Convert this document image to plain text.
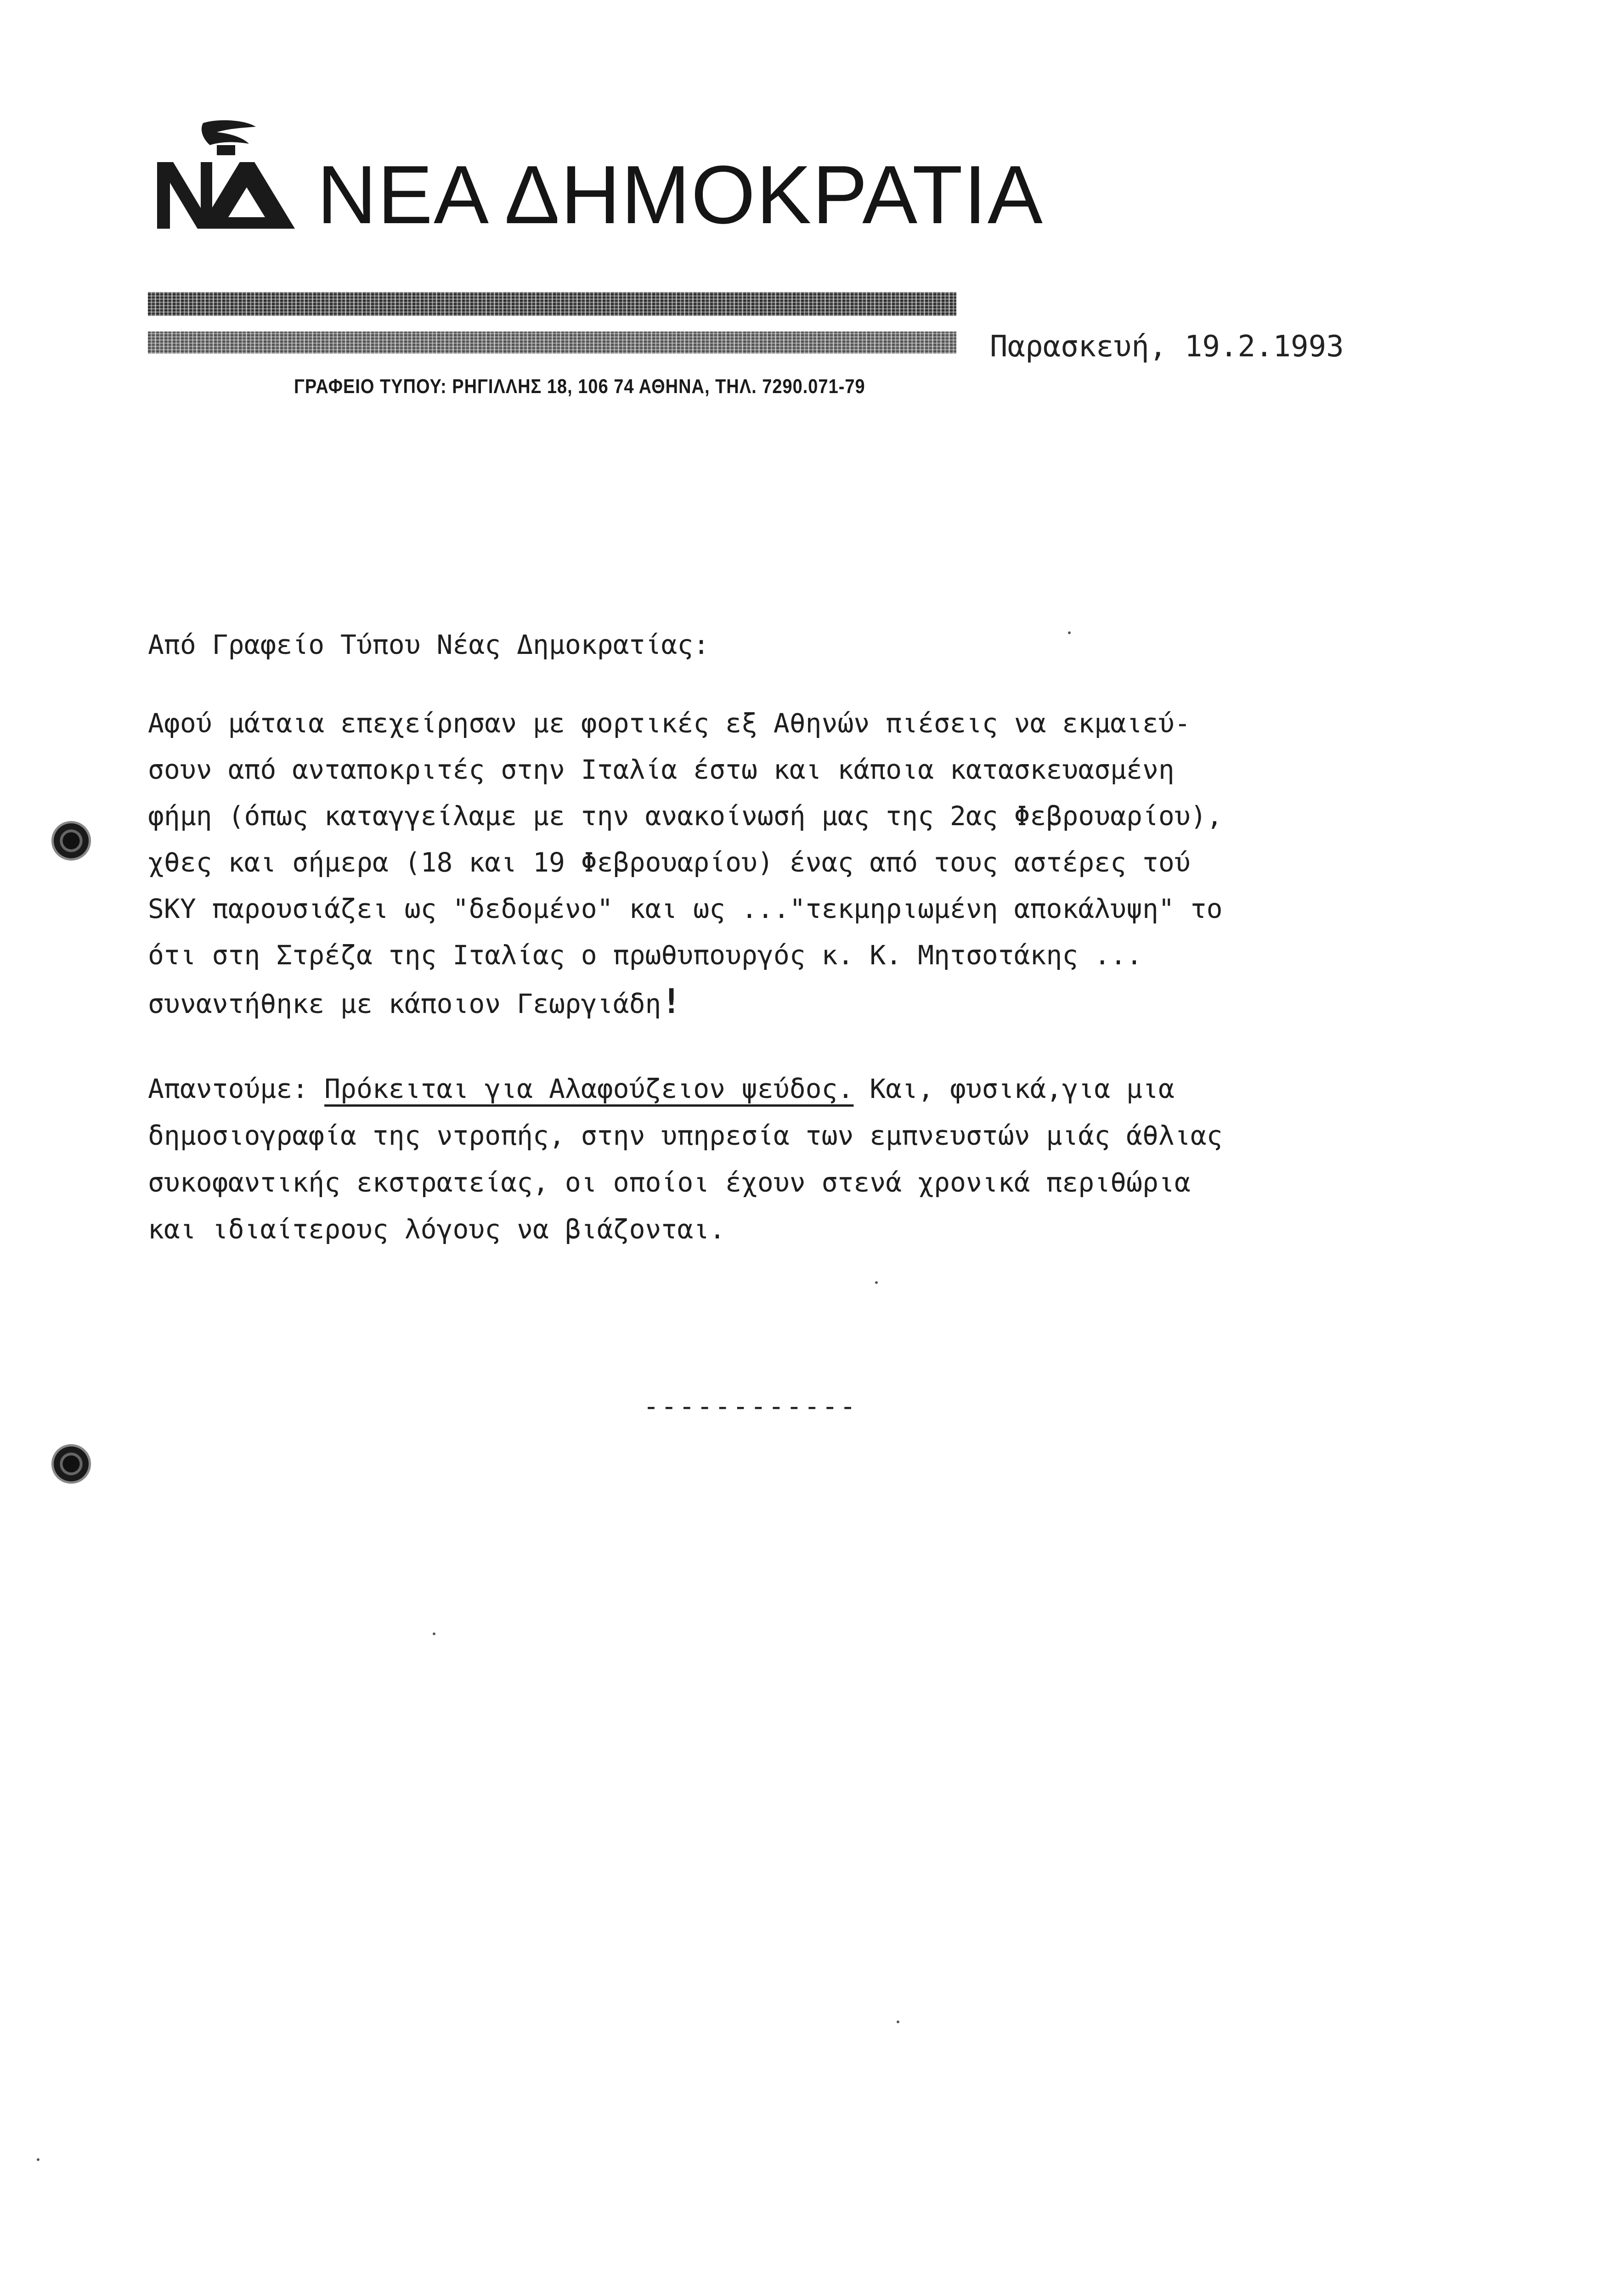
ΝΕΑ ΔΗΜΟΚΡΑΤΙΑ
ΓΡΑΦΕΙΟ ΤΥΠΟΥ: ΡΗΓΙΛΛΗΣ 18, 106 74 ΑΘΗΝΑ, ΤΗΛ. 7290.071-79
Παρασκευή, 19.2.1993
Από Γραφείο Τύπου Νέας Δημοκρατίας:
Αφού μάταια επεχείρησαν με φορτικές εξ Αθηνών πιέσεις να εκμαιεύ-
σουν από ανταποκριτές στην Ιταλία έστω και κάποια κατασκευασμένη
φήμη (όπως καταγγείλαμε με την ανακοίνωσή μας της 2ας Φεβρουαρίου),
χθες και σήμερα (18 και 19 Φεβρουαρίου) ένας από τους αστέρες τού
SKY παρουσιάζει ως "δεδομένο" και ως ..."τεκμηριωμένη αποκάλυψη" το
ότι στη Στρέζα της Ιταλίας ο πρωθυπουργός κ. Κ. Μητσοτάκης ...
συναντήθηκε με κάποιον Γεωργιάδη!
Απαντούμε: Πρόκειται για Αλαφούζειον ψεύδος. Και, φυσικά,για μια
δημοσιογραφία της ντροπής, στην υπηρεσία των εμπνευστών μιάς άθλιας
συκοφαντικής εκστρατείας, οι οποίοι έχουν στενά χρονικά περιθώρια
και ιδιαίτερους λόγους να βιάζονται.
------------
